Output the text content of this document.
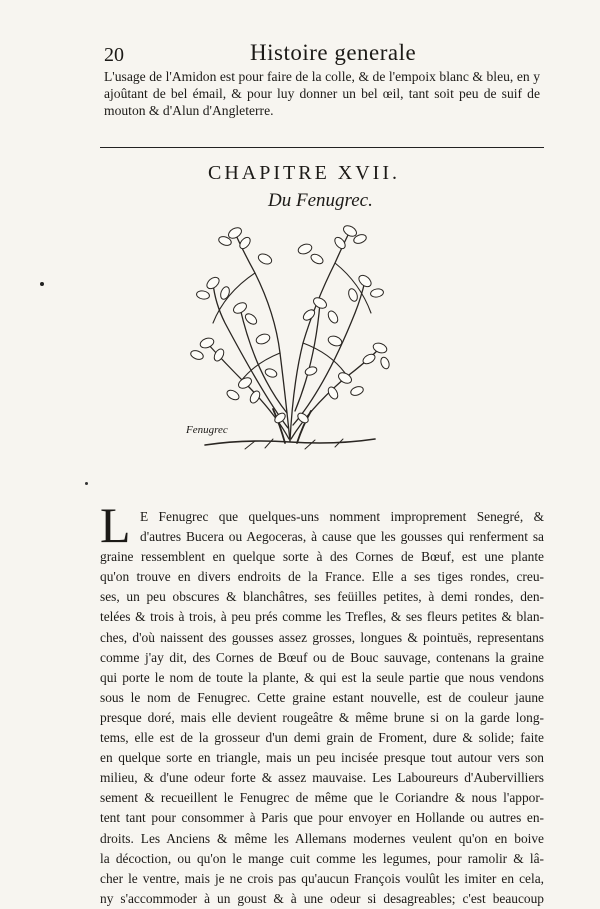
20	Histoire generale

L'usage de l'Amidon est pour faire de la colle, & de l'empoix blanc & bleu, en y ajoûtant de bel émail, & pour luy donner un bel œil, tant soit peu de suif de mouton & d'Alun d'Angleterre.

CHAPITRE XVII.
Du Fenugrec.
Fenugrec
L E Fenugrec que quelques-uns nomment improprement Senegré, &
d'autres Bucera ou Aegoceras, à cause que les gousses qui renferment sa
graine ressemblent en quelque sorte à des Cornes de Bœuf, est une plante
qu'on trouve en divers endroits de la France. Elle a ses tiges rondes, creu-
ses, un peu obscures & blanchâtres, ses feüilles petites, à demi rondes, den-
telées & trois à trois, à peu prés comme les Trefles, & ses fleurs petites & blan-
ches, d'où naissent des gousses assez grosses, longues & pointuës, representans
comme j'ay dit, des Cornes de Bœuf ou de Bouc sauvage, contenans la graine
qui porte le nom de toute la plante, & qui est la seule partie que nous vendons
sous le nom de Fenugrec. Cette graine estant nouvelle, est de couleur jaune
presque doré, mais elle devient rougeâtre & même brune si on la garde long-
tems, elle est de la grosseur d'un demi grain de Froment, dure & solide; faite
en quelque sorte en triangle, mais un peu incisée presque tout autour vers son
milieu, & d'une odeur forte & assez mauvaise. Les Laboureurs d'Aubervilliers
sement & recueillent le Fenugrec de même que le Coriandre & nous l'appor-
tent tant pour consommer à Paris que pour envoyer en Hollande ou autres en-
droits. Les Anciens & même les Allemans modernes veulent qu'on en boive
la décoction, ou qu'on le mange cuit comme les legumes, pour ramolir & lâ-
cher le ventre, mais je ne crois pas qu'aucun François voulût les imiter en cela,
ny s'accommoder à un goust & à une odeur si desagreables; c'est beaucoup
